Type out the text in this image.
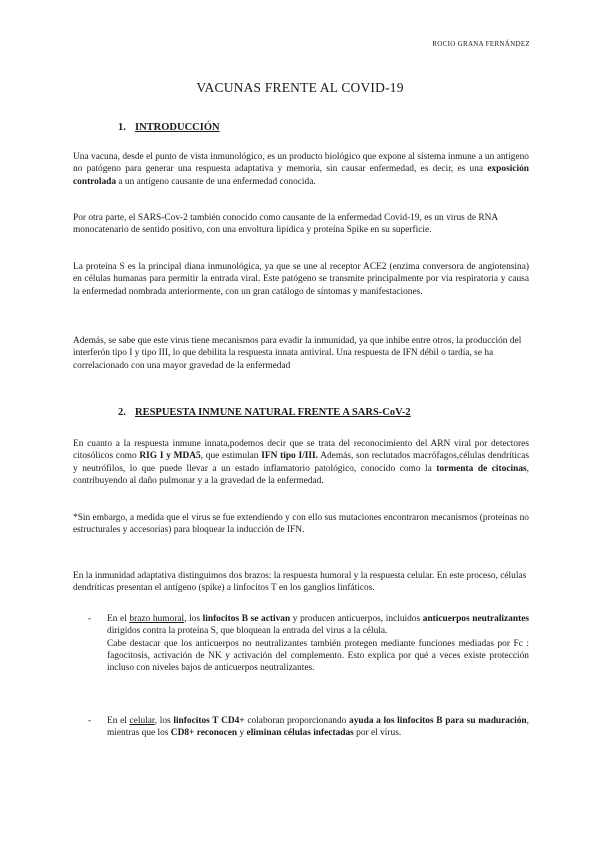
ROCIO GRANA FERNÁNDEZ
VACUNAS FRENTE AL COVID-19
1. INTRODUCCIÓN

Una vacuna, desde el punto de vista inmunológico, es un producto biológico que expone al sistema inmune a un antígeno no patógeno para generar una respuesta adaptativa y memoria, sin causar enfermedad, es decir, es una exposición controlada a un antígeno causante de una enfermedad conocida.

Por otra parte, el SARS-Cov-2 también conocido como causante de la enfermedad Covid-19, es un virus de RNA monocatenario de sentido positivo, con una envoltura lipídica y proteína Spike en su superficie.

La proteína S es la principal diana inmunológica, ya que se une al receptor ACE2 (enzima conversora de angiotensina) en células humanas para permitir la entrada viral. Este patógeno se transmite principalmente por vía respiratoria y causa la enfermedad nombrada anteriormente, con un gran catálogo de síntomas y manifestaciones.

Además, se sabe que este virus tiene mecanismos para evadir la inmunidad, ya que inhibe entre otros, la producción del interferón tipo I y tipo III, lo que debilita la respuesta innata antiviral. Una respuesta de IFN débil o tardía, se ha correlacionado con una mayor gravedad de la enfermedad

2. RESPUESTA INMUNE NATURAL FRENTE A SARS-CoV-2

En cuanto a la respuesta inmune innata,podemos decir que se trata del reconocimiento del ARN viral por detectores citosólicos como RIG I y MDA5, que estimulan IFN tipo I/III. Además, son reclutados macrófagos,células dendríticas y neutrófilos, lo que puede llevar a un estado inflamatorio patológico, conocido como la tormenta de citocinas, contribuyendo al daño pulmonar y a la gravedad de la enfermedad.

*Sin embargo, a medida que el virus se fue extendiendo y con ello sus mutaciones encontraron mecanismos (proteínas no estructurales y accesorias) para bloquear la inducción de IFN.

En la inmunidad adaptativa distinguimos dos brazos: la respuesta humoral y la respuesta celular. En este proceso, células dendríticas presentan el antígeno (spike) a linfocitos T en los ganglios linfáticos.

- En el brazo humoral, los linfocitos B se activan y producen anticuerpos, incluidos anticuerpos neutralizantes dirigidos contra la proteína S, que bloquean la entrada del virus a la célula.

Cabe destacar que los anticuerpos no neutralizantes también protegen mediante funciones mediadas por Fc : fagocitosis, activación de NK y activación del complemento. Esto explica por qué a veces existe protección incluso con niveles bajos de anticuerpos neutralizantes.

- En el celular, los linfocitos T CD4+ colaboran proporcionando ayuda a los linfocitos B para su maduración, mientras que los CD8+ reconocen y eliminan células infectadas por el virus.
